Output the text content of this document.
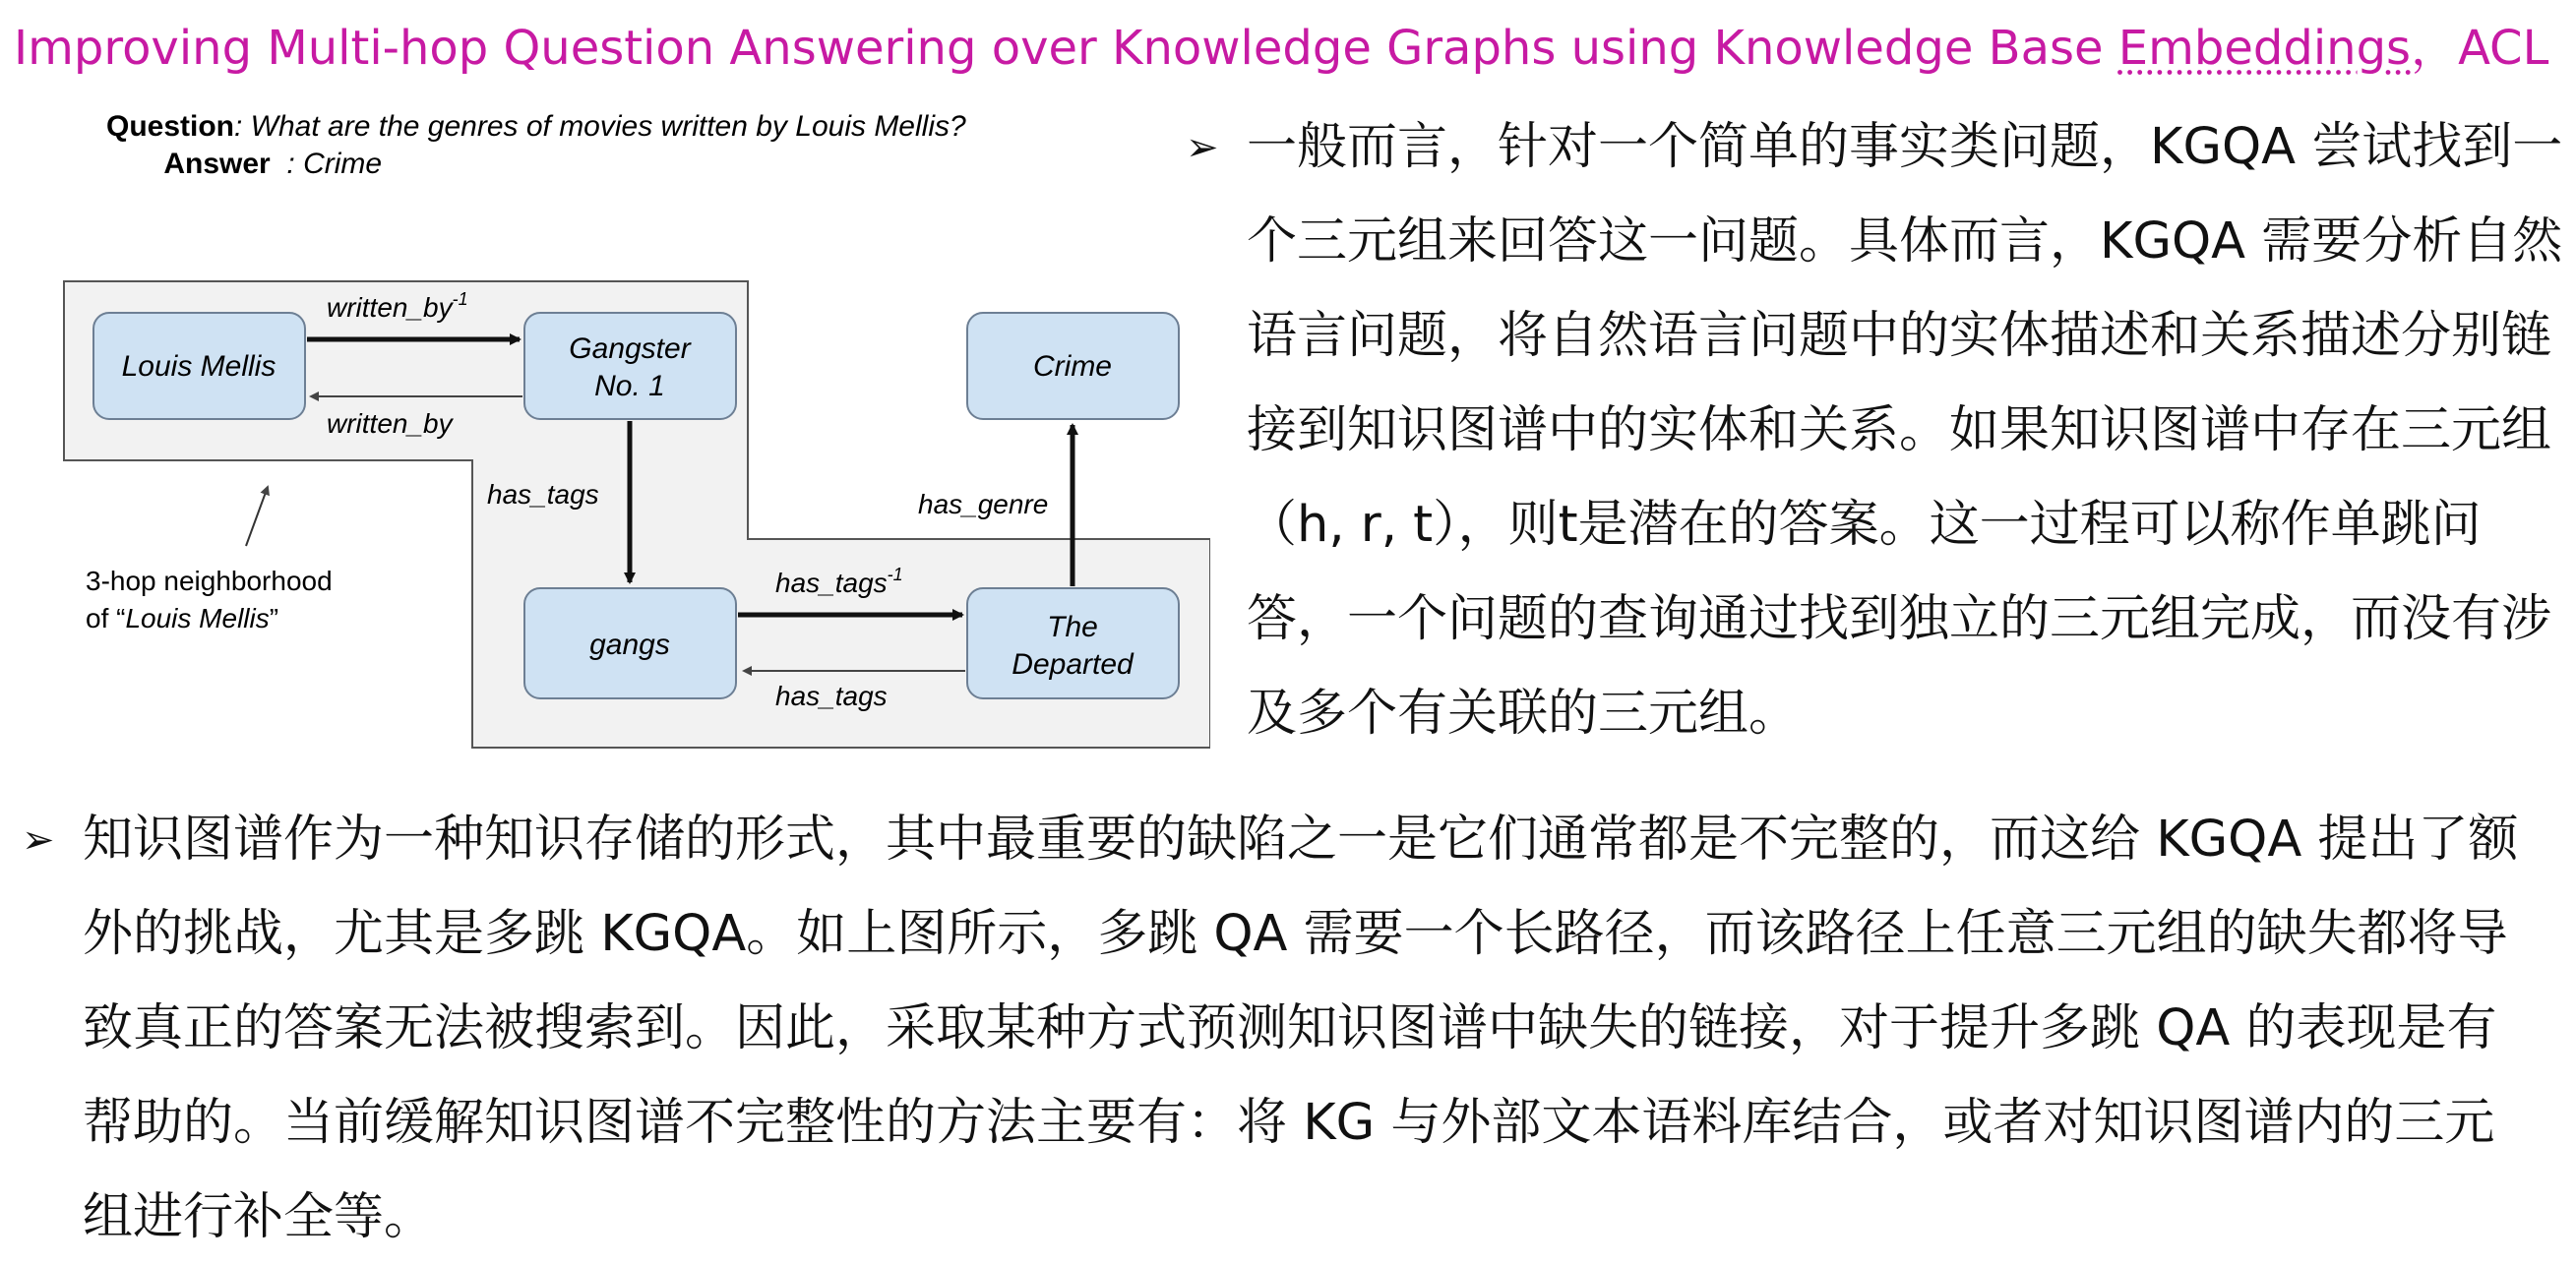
Improving Multi-hop Question Answering over Knowledge Graphs using Knowledge Base Embeddings，ACL
Question: What are the genres of movies written by Louis Mellis?
Answer  : Crime
Louis Mellis
Gangster
No. 1
Crime
gangs
The
Departed
$written\_by^{-1}$
written_by
has_tags	has_genre
has_tags$^{-1}$
has_tags
3-hop neighborhood
of “Louis Mellis”
➢ 一般而言，针对一个简单的事实类问题，KGQA 尝试找到一个三元组来回答这一问题。具体而言，KGQA 需要分析自然语言问题，将自然语言问题中的实体描述和关系描述分别链接到知识图谱中的实体和关系。如果知识图谱中存在三元组（h, r, t），则t是潜在的答案。这一过程可以称作单跳问答，一个问题的查询通过找到独立的三元组完成，而没有涉及多个有关联的三元组。
➢ 知识图谱作为一种知识存储的形式，其中最重要的缺陷之一是它们通常都是不完整的，而这给 KGQA 提出了额外的挑战，尤其是多跳 KGQA。如上图所示，多跳 QA 需要一个长路径，而该路径上任意三元组的缺失都将导致真正的答案无法被搜索到。因此，采取某种方式预测知识图谱中缺失的链接，对于提升多跳 QA 的表现是有帮助的。当前缓解知识图谱不完整性的方法主要有：将 KG 与外部文本语料库结合，或者对知识图谱内的三元组进行补全等。
